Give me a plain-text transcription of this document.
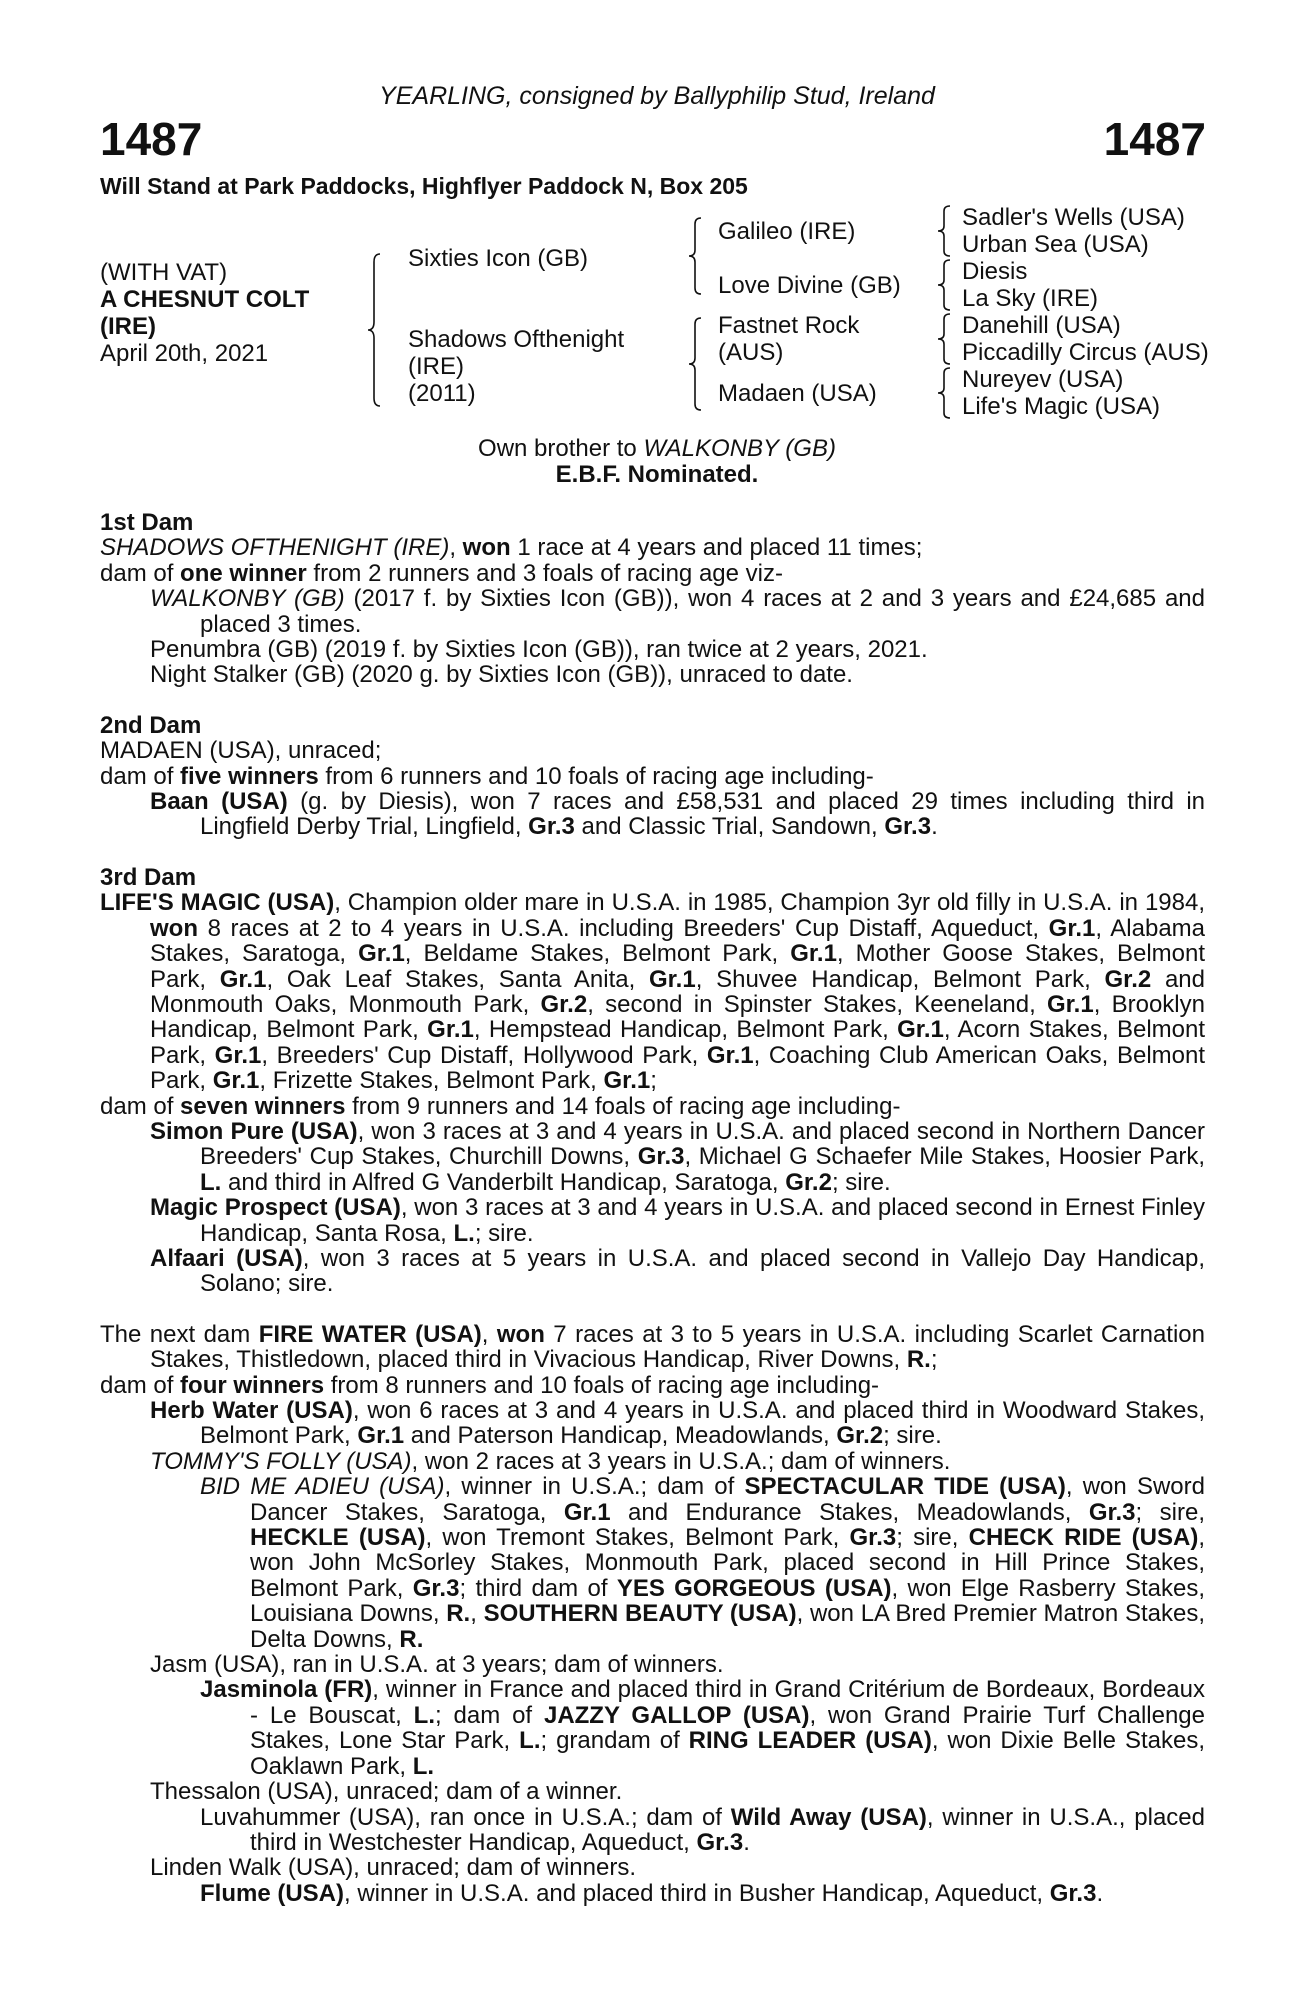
YEARLING, consigned by Ballyphilip Stud, Ireland
1487	1487
Will Stand at Park Paddocks, Highflyer Paddock N, Box 205
(WITH VAT)
A CHESNUT COLT
(IRE)
April 20th, 2021
Sixties Icon (GB)
Shadows Ofthenight
(IRE)
(2011)
Galileo (IRE)
Love Divine (GB)
Fastnet Rock
(AUS)
Madaen (USA)
Sadler's Wells (USA)
Urban Sea (USA)
Diesis
La Sky (IRE)
Danehill (USA)
Piccadilly Circus (AUS)
Nureyev (USA)
Life's Magic (USA)
Own brother to WALKONBY (GB)
E.B.F. Nominated.

1st Dam

SHADOWS OFTHENIGHT (IRE), won 1 race at 4 years and placed 11 times;

dam of one winner from 2 runners and 3 foals of racing age viz-

WALKONBY (GB) (2017 f. by Sixties Icon (GB)), won 4 races at 2 and 3 years and £24,685 and placed 3 times.

Penumbra (GB) (2019 f. by Sixties Icon (GB)), ran twice at 2 years, 2021.

Night Stalker (GB) (2020 g. by Sixties Icon (GB)), unraced to date.

2nd Dam

MADAEN (USA), unraced;

dam of five winners from 6 runners and 10 foals of racing age including-

Baan (USA) (g. by Diesis), won 7 races and £58,531 and placed 29 times including third in Lingfield Derby Trial, Lingfield, Gr.3 and Classic Trial, Sandown, Gr.3.

3rd Dam

LIFE'S MAGIC (USA), Champion older mare in U.S.A. in 1985, Champion 3yr old filly in U.S.A. in 1984, won 8 races at 2 to 4 years in U.S.A. including Breeders' Cup Distaff, Aqueduct, Gr.1, Alabama Stakes, Saratoga, Gr.1, Beldame Stakes, Belmont Park, Gr.1, Mother Goose Stakes, Belmont Park, Gr.1, Oak Leaf Stakes, Santa Anita, Gr.1, Shuvee Handicap, Belmont Park, Gr.2 and Monmouth Oaks, Monmouth Park, Gr.2, second in Spinster Stakes, Keeneland, Gr.1, Brooklyn Handicap, Belmont Park, Gr.1, Hempstead Handicap, Belmont Park, Gr.1, Acorn Stakes, Belmont Park, Gr.1, Breeders' Cup Distaff, Hollywood Park, Gr.1, Coaching Club American Oaks, Belmont Park, Gr.1, Frizette Stakes, Belmont Park, Gr.1;

dam of seven winners from 9 runners and 14 foals of racing age including-

Simon Pure (USA), won 3 races at 3 and 4 years in U.S.A. and placed second in Northern Dancer Breeders' Cup Stakes, Churchill Downs, Gr.3, Michael G Schaefer Mile Stakes, Hoosier Park, L. and third in Alfred G Vanderbilt Handicap, Saratoga, Gr.2; sire.

Magic Prospect (USA), won 3 races at 3 and 4 years in U.S.A. and placed second in Ernest Finley Handicap, Santa Rosa, L.; sire.

Alfaari (USA), won 3 races at 5 years in U.S.A. and placed second in Vallejo Day Handicap, Solano; sire.

The next dam FIRE WATER (USA), won 7 races at 3 to 5 years in U.S.A. including Scarlet Carnation Stakes, Thistledown, placed third in Vivacious Handicap, River Downs, R.;

dam of four winners from 8 runners and 10 foals of racing age including-

Herb Water (USA), won 6 races at 3 and 4 years in U.S.A. and placed third in Woodward Stakes, Belmont Park, Gr.1 and Paterson Handicap, Meadowlands, Gr.2; sire.

TOMMY'S FOLLY (USA), won 2 races at 3 years in U.S.A.; dam of winners.

BID ME ADIEU (USA), winner in U.S.A.; dam of SPECTACULAR TIDE (USA), won Sword Dancer Stakes, Saratoga, Gr.1 and Endurance Stakes, Meadowlands, Gr.3; sire, HECKLE (USA), won Tremont Stakes, Belmont Park, Gr.3; sire, CHECK RIDE (USA), won John McSorley Stakes, Monmouth Park, placed second in Hill Prince Stakes, Belmont Park, Gr.3; third dam of YES GORGEOUS (USA), won Elge Rasberry Stakes, Louisiana Downs, R., SOUTHERN BEAUTY (USA), won LA Bred Premier Matron Stakes, Delta Downs, R.

Jasm (USA), ran in U.S.A. at 3 years; dam of winners.

Jasminola (FR), winner in France and placed third in Grand Critérium de Bordeaux, Bordeaux - Le Bouscat, L.; dam of JAZZY GALLOP (USA), won Grand Prairie Turf Challenge Stakes, Lone Star Park, L.; grandam of RING LEADER (USA), won Dixie Belle Stakes, Oaklawn Park, L.

Thessalon (USA), unraced; dam of a winner.

Luvahummer (USA), ran once in U.S.A.; dam of Wild Away (USA), winner in U.S.A., placed third in Westchester Handicap, Aqueduct, Gr.3.

Linden Walk (USA), unraced; dam of winners.

Flume (USA), winner in U.S.A. and placed third in Busher Handicap, Aqueduct, Gr.3.
